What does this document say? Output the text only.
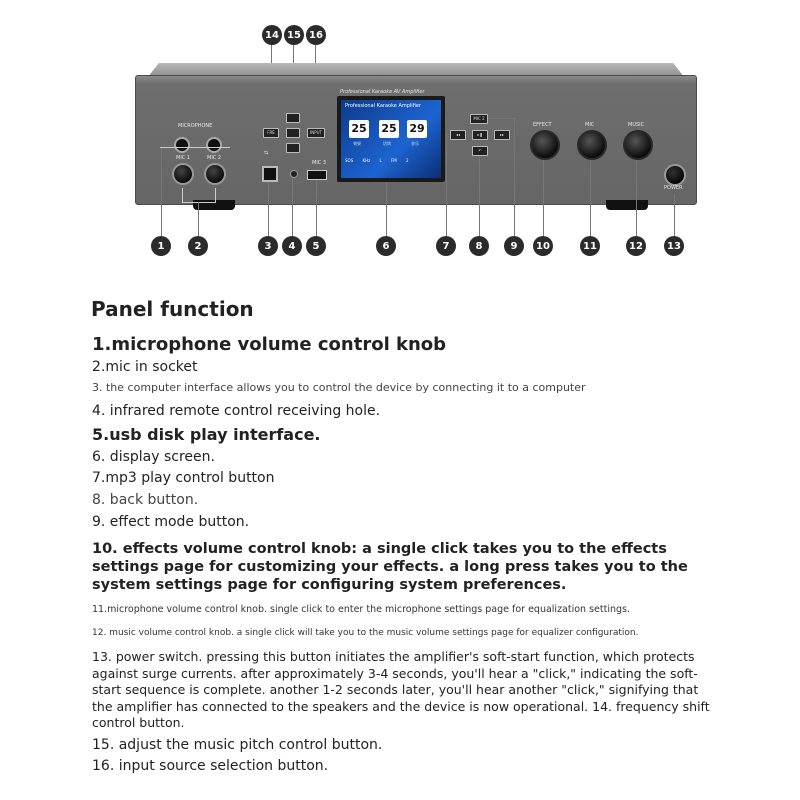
14 15 16
Professional Karaoke AV Amplifier
MICROPHONE
MIC 1	MIC 2
⇆
MIC 3
FRE	INPUT
Professional Karaoke Amplifier
25 25 29
效果	话筒	音乐
SOS KHz L FM 2
MIC 2
◂◂	▸❚	▸▸
↶
EFFECT	MIC	MUSIC
POWER
1	2	3	4	5	6	7	8	9	10	11	12	13
Panel function
1.microphone volume control knob
2.mic in socket
3. the computer interface allows you to control the device by connecting it to a computer
4. infrared remote control receiving hole.
5.usb disk play interface.
6. display screen.
7.mp3 play control button
8. back button.
9. effect mode button.
10. effects volume control knob: a single click takes you to the effects settings page for customizing your effects. a long press takes you to the system settings page for configuring system preferences.
11.microphone volume control knob. single click to enter the microphone settings page for equalization settings.
12. music volume control knob. a single click will take you to the music volume settings page for equalizer configuration.
13. power switch. pressing this button initiates the amplifier's soft-start function, which protects against surge currents. after approximately 3-4 seconds, you'll hear a "click," indicating the soft-start sequence is complete. another 1-2 seconds later, you'll hear another "click," signifying that the amplifier has connected to the speakers and the device is now operational. 14. frequency shift control button.
15. adjust the music pitch control button.
16. input source selection button.
